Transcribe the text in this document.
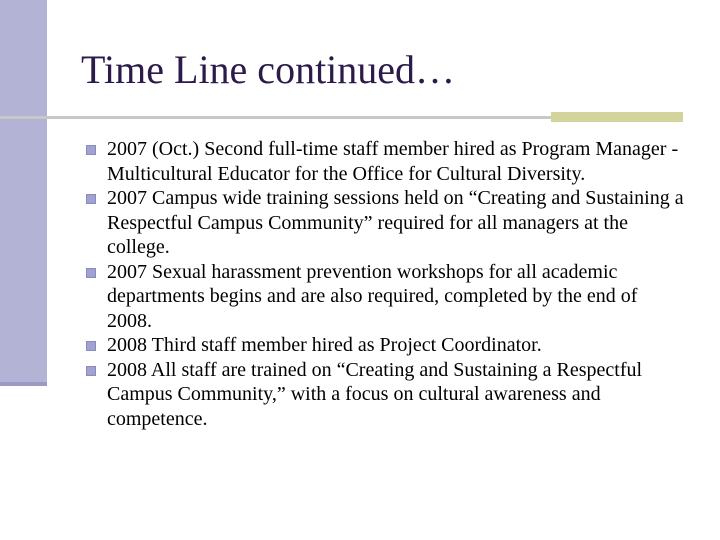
Time Line continued…
2007 (Oct.) Second full-time staff member hired as Program Manager - Multicultural Educator for the Office for Cultural Diversity.
2007 Campus wide training sessions held on “Creating and Sustaining a Respectful Campus Community” required for all managers at the college.
2007 Sexual harassment prevention workshops for all academic departments begins and are also required, completed by the end of 2008.
2008 Third staff member hired as Project Coordinator.
2008 All staff are trained on “Creating and Sustaining a Respectful Campus Community,” with a focus on cultural awareness and competence.
